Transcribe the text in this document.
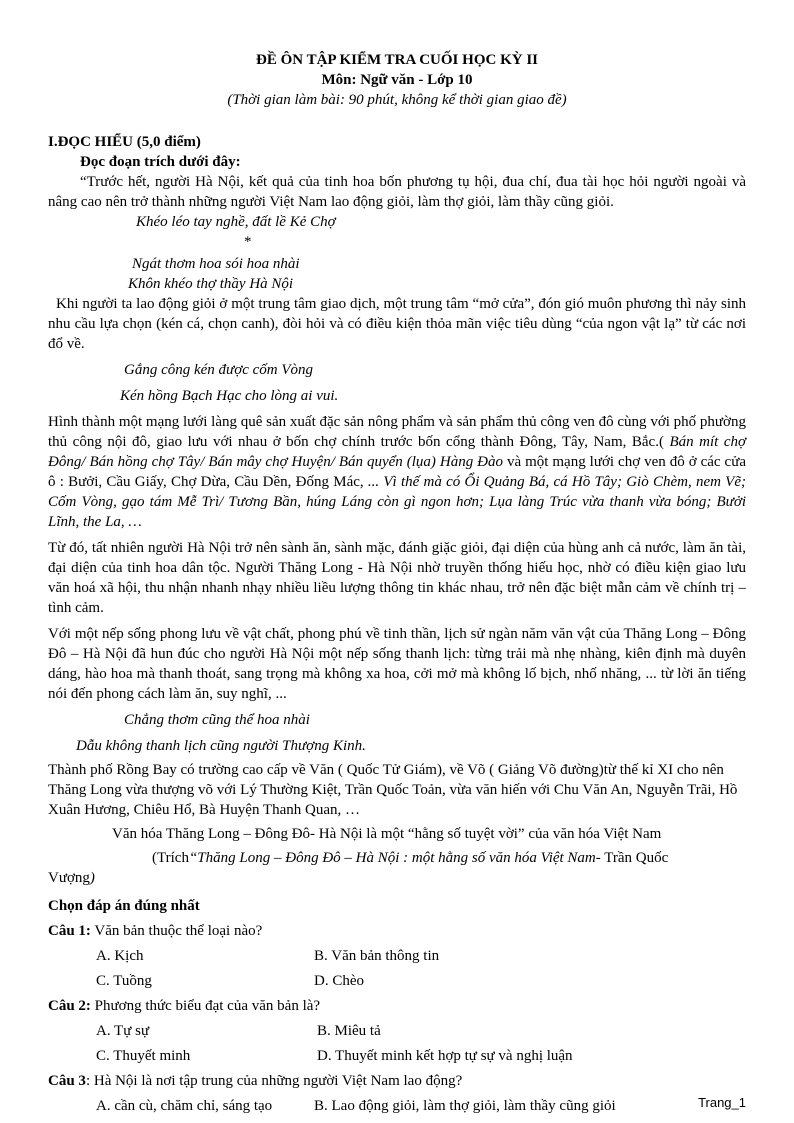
ĐỀ ÔN TẬP KIỂM TRA CUỐI HỌC KỲ II

Môn: Ngữ văn - Lớp 10

(Thời gian làm bài: 90 phút, không kể thời gian giao đề)

I.ĐỌC HIỂU (5,0 điểm)

Đọc đoạn trích dưới đây:

“Trước hết, người Hà Nội, kết quả của tinh hoa bốn phương tụ hội, đua chí, đua tài học hỏi người ngoài và nâng cao nên trở thành những người Việt Nam lao động giỏi, làm thợ giỏi, làm thầy cũng giỏi.

Khéo léo tay nghề, đất lề Kẻ Chợ

*

Ngát thơm hoa sói hoa nhài

Khôn khéo thợ thầy Hà Nội

Khi người ta lao động giỏi ở một trung tâm giao dịch, một trung tâm “mở cửa”, đón gió muôn phương thì nảy sinh nhu cầu lựa chọn (kén cá, chọn canh), đòi hỏi và có điều kiện thỏa mãn việc tiêu dùng “của ngon vật lạ” từ các nơi đổ về.

Gắng công kén được cốm Vòng

Kén hồng Bạch Hạc cho lòng ai vui.

Hình thành một mạng lưới làng quê sản xuất đặc sản nông phẩm và sản phẩm thủ công ven đô cùng với phố phường thủ công nội đô, giao lưu với nhau ở bốn chợ chính trước bốn cổng thành Đông, Tây, Nam, Bắc.( Bán mít chợ Đông/ Bán hồng chợ Tây/ Bán mây chợ Huyện/ Bán quyển (lụa) Hàng Đào và một mạng lưới chợ ven đô ở các cửa ô : Bưởi, Cầu Giấy, Chợ Dừa, Cầu Dền, Đống Mác, ... Vì thế mà có Ổi Quảng Bá, cá Hồ Tây; Giò Chèm, nem Vẽ; Cốm Vòng, gạo tám Mễ Trì/ Tương Bần, húng Láng còn gì ngon hơn; Lụa làng Trúc vừa thanh vừa bóng; Bưởi Lĩnh, the La, …

Từ đó, tất nhiên người Hà Nội trở nên sành ăn, sành mặc, đánh giặc giỏi, đại diện của hùng anh cả nước, làm ăn tài, đại diện của tinh hoa dân tộc. Người Thăng Long - Hà Nội nhờ truyền thống hiếu học, nhờ có điều kiện giao lưu văn hoá xã hội, thu nhận nhanh nhạy nhiều liều lượng thông tin khác nhau, trở nên đặc biệt mẫn cảm về chính trị – tình cảm.

Với một nếp sống phong lưu về vật chất, phong phú về tinh thần, lịch sử ngàn năm văn vật của Thăng Long – Đông Đô – Hà Nội đã hun đúc cho người Hà Nội một nếp sống thanh lịch: từng trải mà nhẹ nhàng, kiên định mà duyên dáng, hào hoa mà thanh thoát, sang trọng mà không xa hoa, cởi mở mà không lố bịch, nhố nhăng, ... từ lời ăn tiếng nói đến phong cách làm ăn, suy nghĩ, ...

Chẳng thơm cũng thể hoa nhài

Dẫu không thanh lịch cũng người Thượng Kinh.

Thành phố Rồng Bay có trường cao cấp về Văn ( Quốc Tử Giám), về Võ ( Giảng Võ đường)từ thế kỉ XI cho nên Thăng Long vừa thượng võ với Lý Thường Kiệt, Trần Quốc Toản, vừa văn hiến với Chu Văn An, Nguyễn Trãi, Hồ Xuân Hương, Chiêu Hổ, Bà Huyện Thanh Quan, …

Văn hóa Thăng Long – Đông Đô- Hà Nội là một “hằng số tuyệt vời” của văn hóa Việt Nam

(Trích“Thăng Long – Đông Đô – Hà Nội : một hằng số văn hóa Việt Nam- Trần Quốc

Vượng)

Chọn đáp án đúng nhất

Câu 1: Văn bản thuộc thể loại nào?

A. Kịch	B. Văn bản thông tin
C. Tuồng	D. Chèo

Câu 2: Phương thức biểu đạt của văn bản là?

A. Tự sự	B. Miêu tả
C. Thuyết minh	D. Thuyết minh kết hợp tự sự và nghị luận

Câu 3: Hà Nội là nơi tập trung của những người Việt Nam lao động?

A. cần cù, chăm chỉ, sáng tạo	B. Lao động giỏi, làm thợ giỏi, làm thầy cũng giỏi	Trang_1
